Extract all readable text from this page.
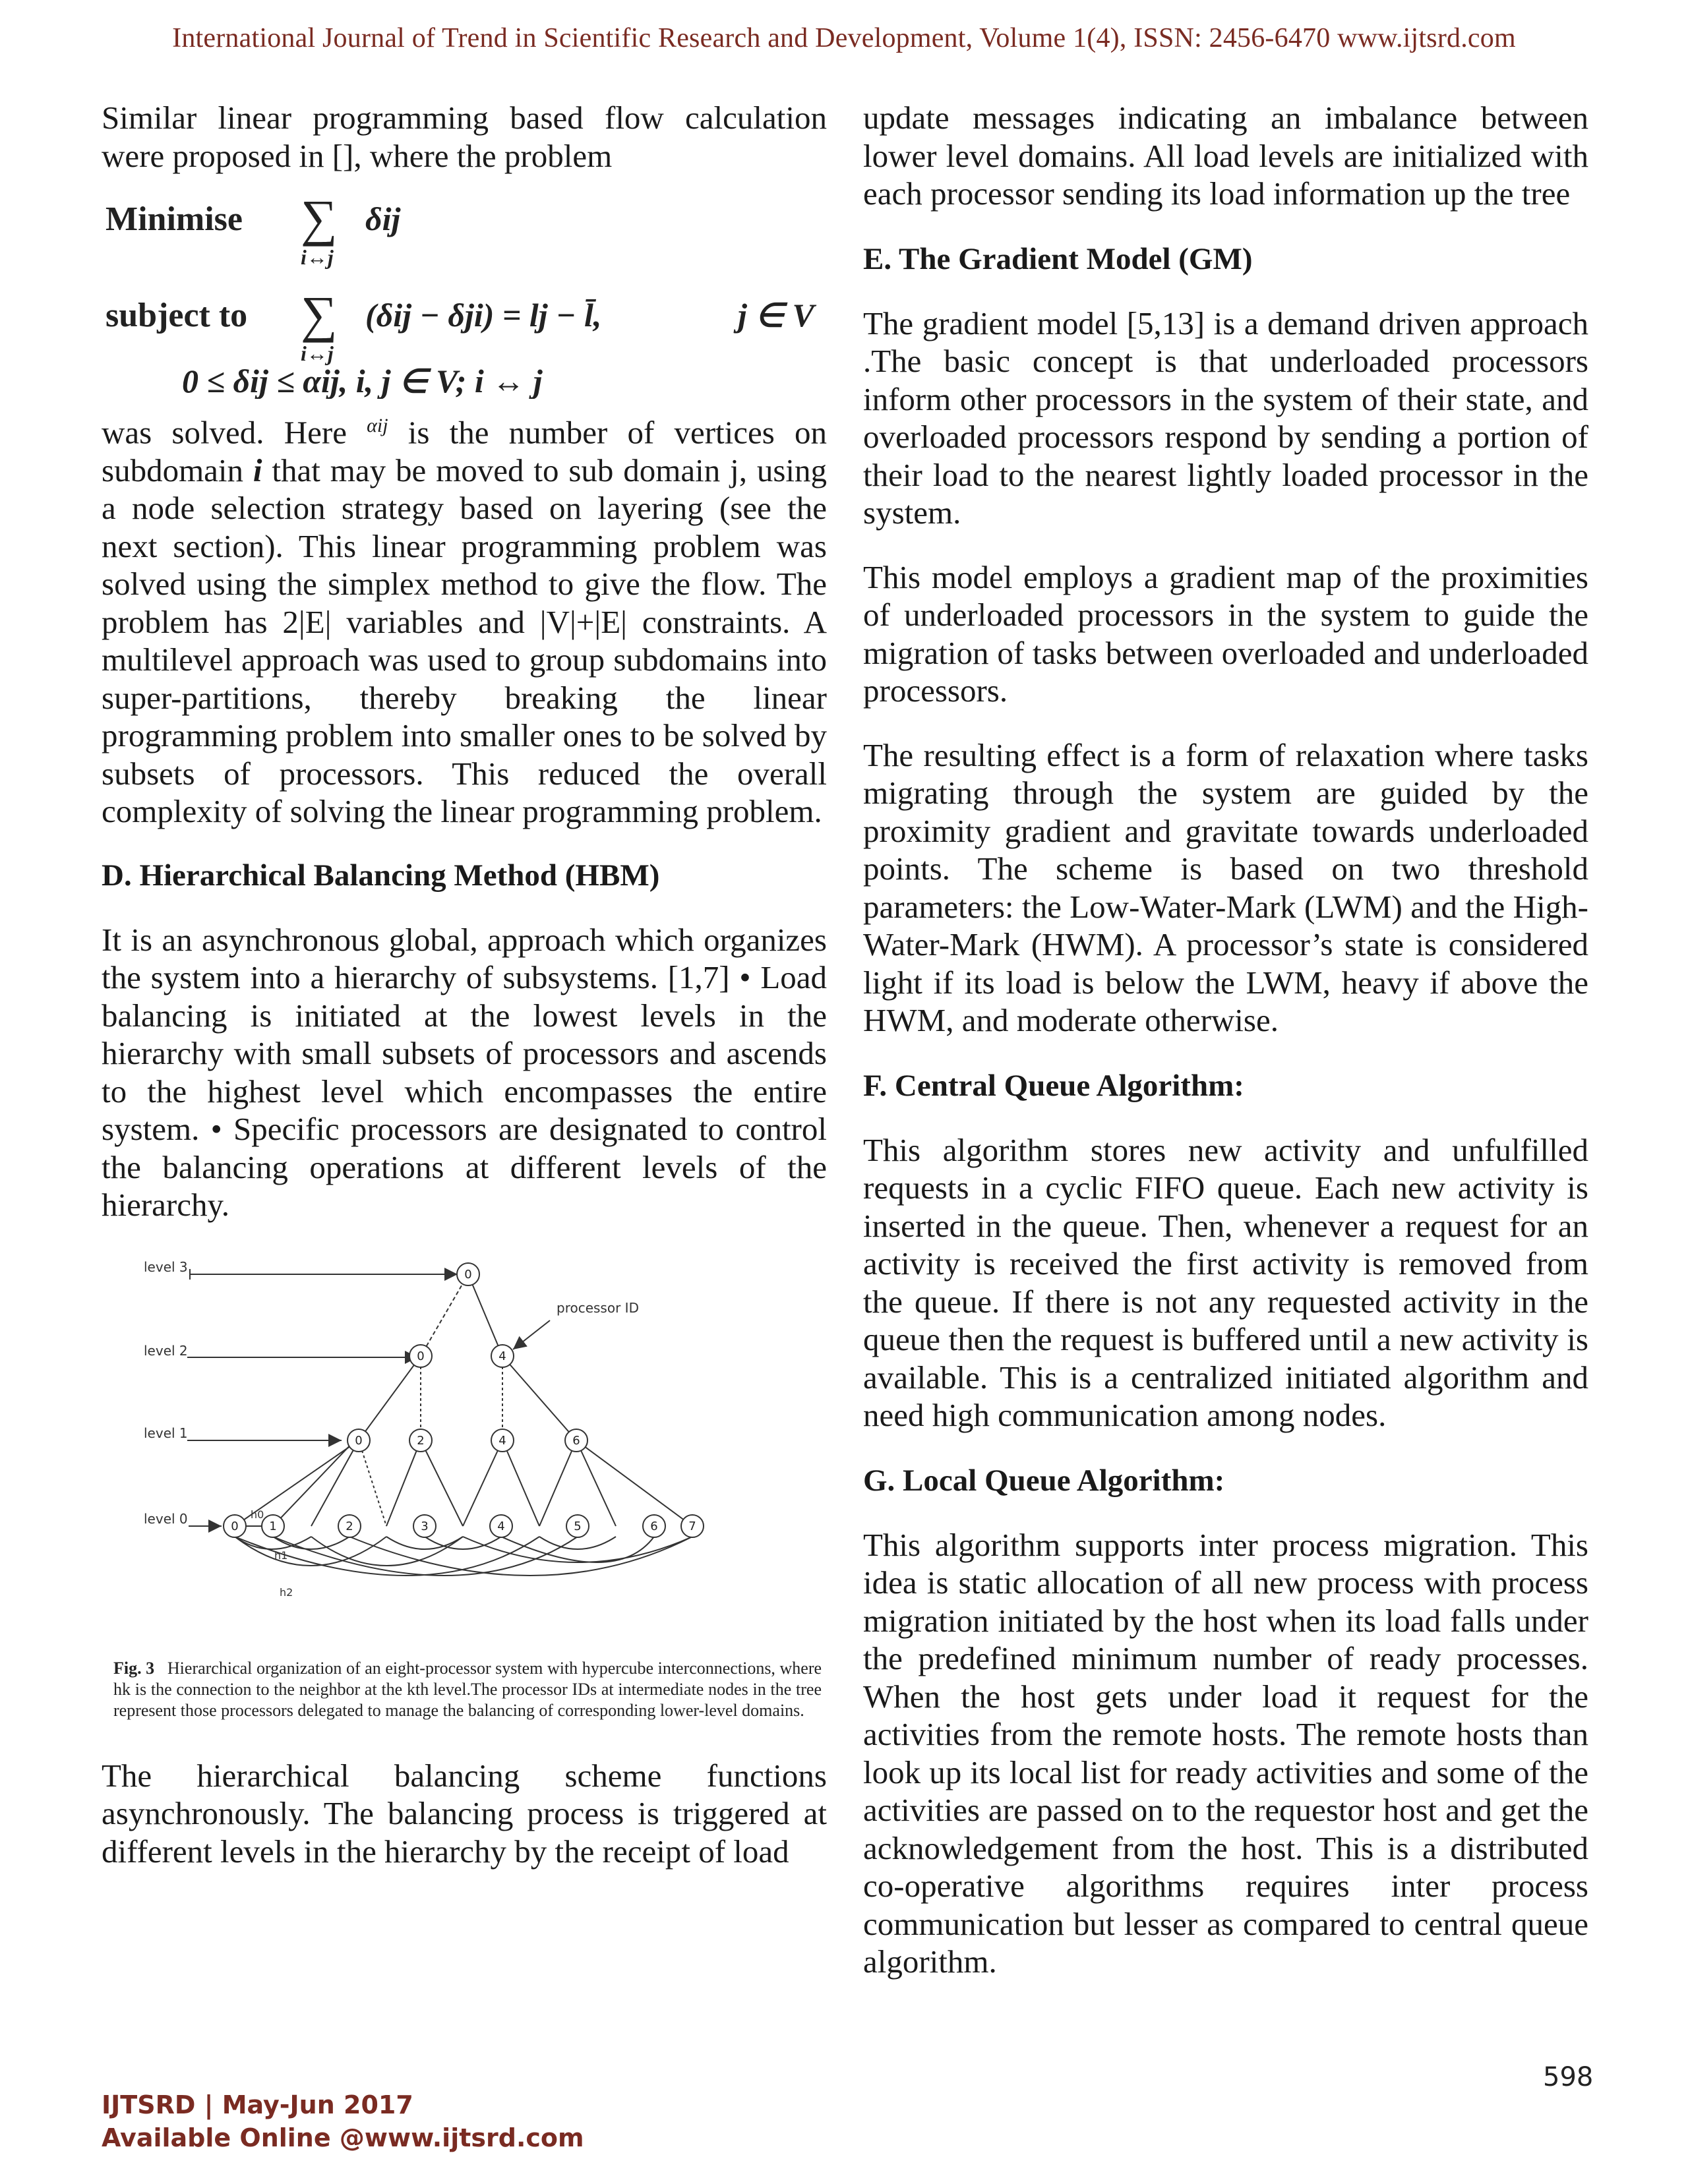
International Journal of Trend in Scientific Research and Development, Volume 1(4), ISSN: 2456-6470 www.ijtsrd.com

Similar linear programming based flow calculation were proposed in [], where the problem

Minimise ∑ δij
i↔j
subject to ∑ (δij − δji) = lj − l̄,	j ∈ V
i↔j
0 ≤ δij ≤ αij, i, j ∈ V; i ↔ j

was solved. Here $^{\alpha ij}$ is the number of vertices on subdomain i that may be moved to sub domain j, using a node selection strategy based on layering (see the next section). This linear programming problem was solved using the simplex method to give the flow. The problem has 2|E| variables and |V|+|E| constraints. A multilevel approach was used to group subdomains into super-partitions, thereby breaking the linear programming problem into smaller ones to be solved by subsets of processors. This reduced the overall complexity of solving the linear programming problem.

D. Hierarchical Balancing Method (HBM)

It is an asynchronous global, approach which organizes the system into a hierarchy of subsystems. [1,7] • Load balancing is initiated at the lowest levels in the hierarchy with small subsets of processors and ascends to the highest level which encompasses the entire system. • Specific processors are designated to control the balancing operations at different levels of the hierarchy.

level 3
level 2
level 1
level 0
0
0	4
0	2	4	6
0	1	2	3	4	5	6	7
processor ID
h0
h1
h2

Fig. 3 Hierarchical organization of an eight-processor system with hypercube interconnections, where hk is the connection to the neighbor at the kth level.The processor IDs at intermediate nodes in the tree represent those processors delegated to manage the balancing of corresponding lower-level domains.

The hierarchical balancing scheme functions asynchronously. The balancing process is triggered at different levels in the hierarchy by the receipt of load

update messages indicating an imbalance between lower level domains. All load levels are initialized with each processor sending its load information up the tree

E. The Gradient Model (GM)

The gradient model [5,13] is a demand driven approach .The basic concept is that underloaded processors inform other processors in the system of their state, and overloaded processors respond by sending a portion of their load to the nearest lightly loaded processor in the system.

This model employs a gradient map of the proximities of underloaded processors in the system to guide the migration of tasks between overloaded and underloaded processors.

The resulting effect is a form of relaxation where tasks migrating through the system are guided by the proximity gradient and gravitate towards underloaded points. The scheme is based on two threshold parameters: the Low-Water-Mark (LWM) and the High- Water-Mark (HWM). A processor’s state is considered light if its load is below the LWM, heavy if above the HWM, and moderate otherwise.

F. Central Queue Algorithm:

This algorithm stores new activity and unfulfilled requests in a cyclic FIFO queue. Each new activity is inserted in the queue. Then, whenever a request for an activity is received the first activity is removed from the queue. If there is not any requested activity in the queue then the request is buffered until a new activity is available. This is a centralized initiated algorithm and need high communication among nodes.

G. Local Queue Algorithm:

This algorithm supports inter process migration. This idea is static allocation of all new process with process migration initiated by the host when its load falls under the predefined minimum number of ready processes. When the host gets under load it request for the activities from the remote hosts. The remote hosts than look up its local list for ready activities and some of the activities are passed on to the requestor host and get the acknowledgement from the host. This is a distributed co-operative algorithms requires inter process communication but lesser as compared to central queue algorithm.

598
IJTSRD | May-Jun 2017
Available Online @www.ijtsrd.com
